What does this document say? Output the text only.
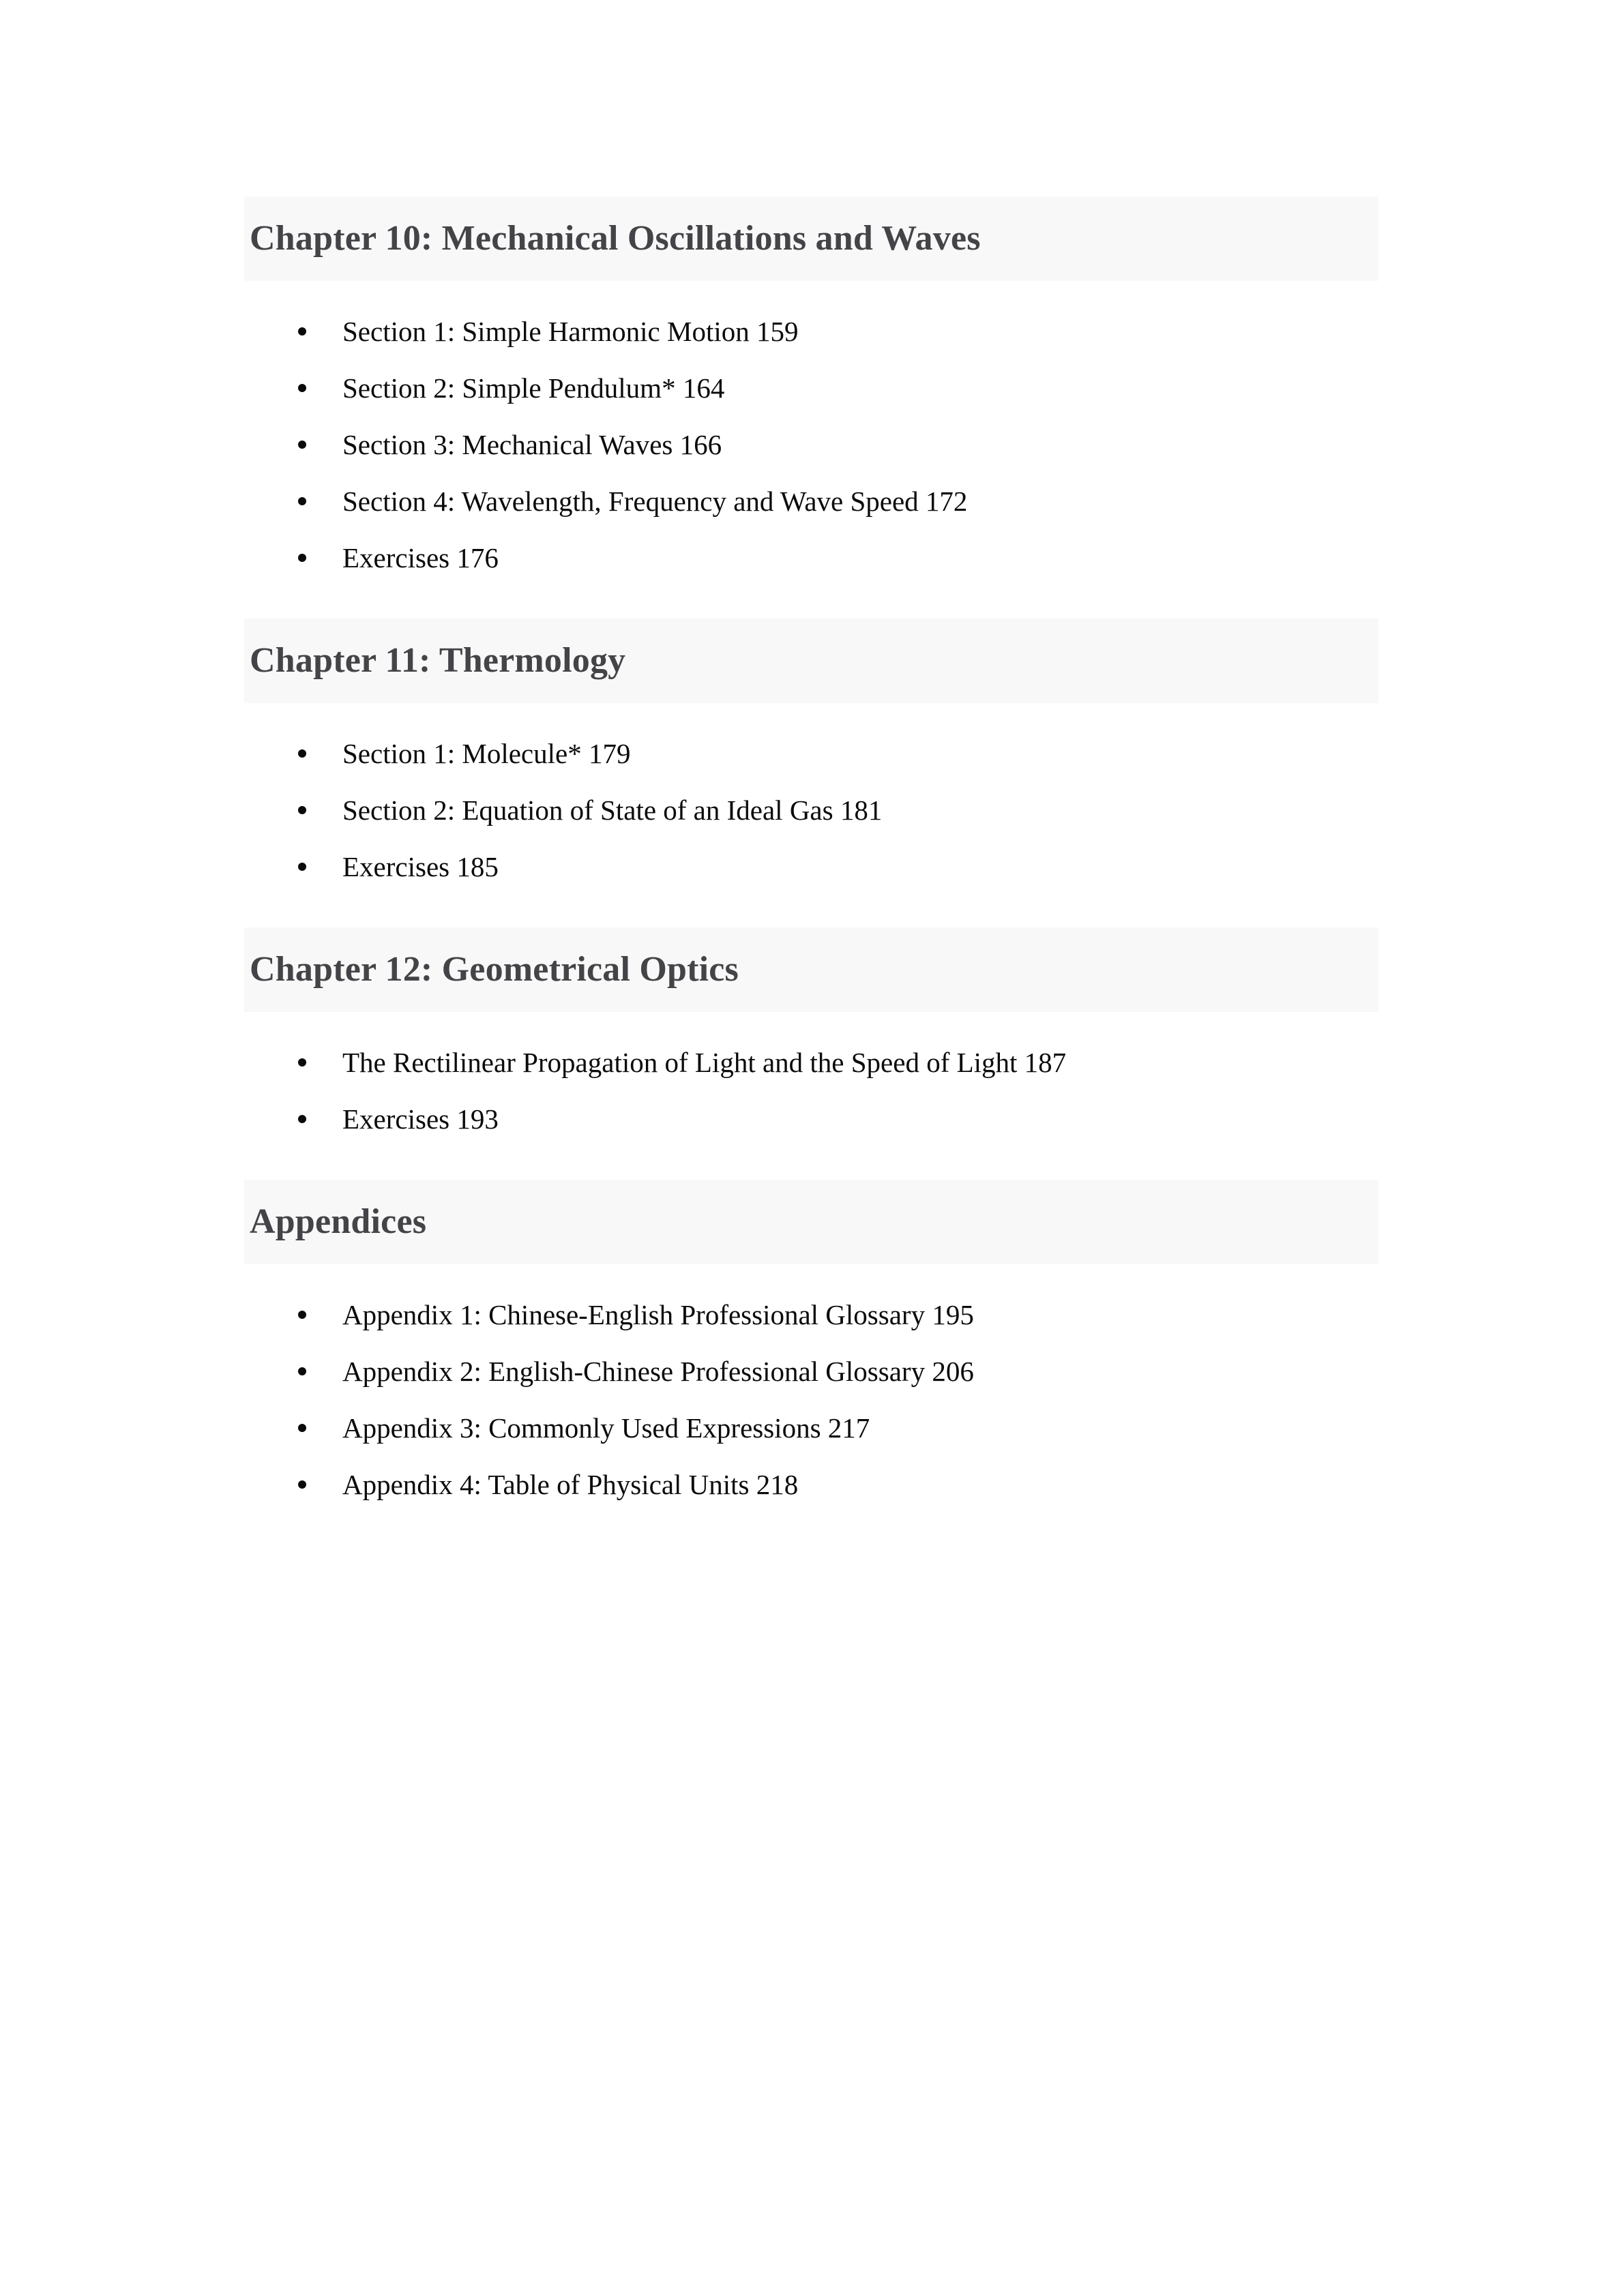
Chapter 10: Mechanical Oscillations and Waves
Section 1: Simple Harmonic Motion 159
Section 2: Simple Pendulum* 164
Section 3: Mechanical Waves 166
Section 4: Wavelength, Frequency and Wave Speed 172
Exercises 176
Chapter 11: Thermology
Section 1: Molecule* 179
Section 2: Equation of State of an Ideal Gas 181
Exercises 185
Chapter 12: Geometrical Optics
The Rectilinear Propagation of Light and the Speed of Light 187
Exercises 193
Appendices
Appendix 1: Chinese-English Professional Glossary 195
Appendix 2: English-Chinese Professional Glossary 206
Appendix 3: Commonly Used Expressions 217
Appendix 4: Table of Physical Units 218
